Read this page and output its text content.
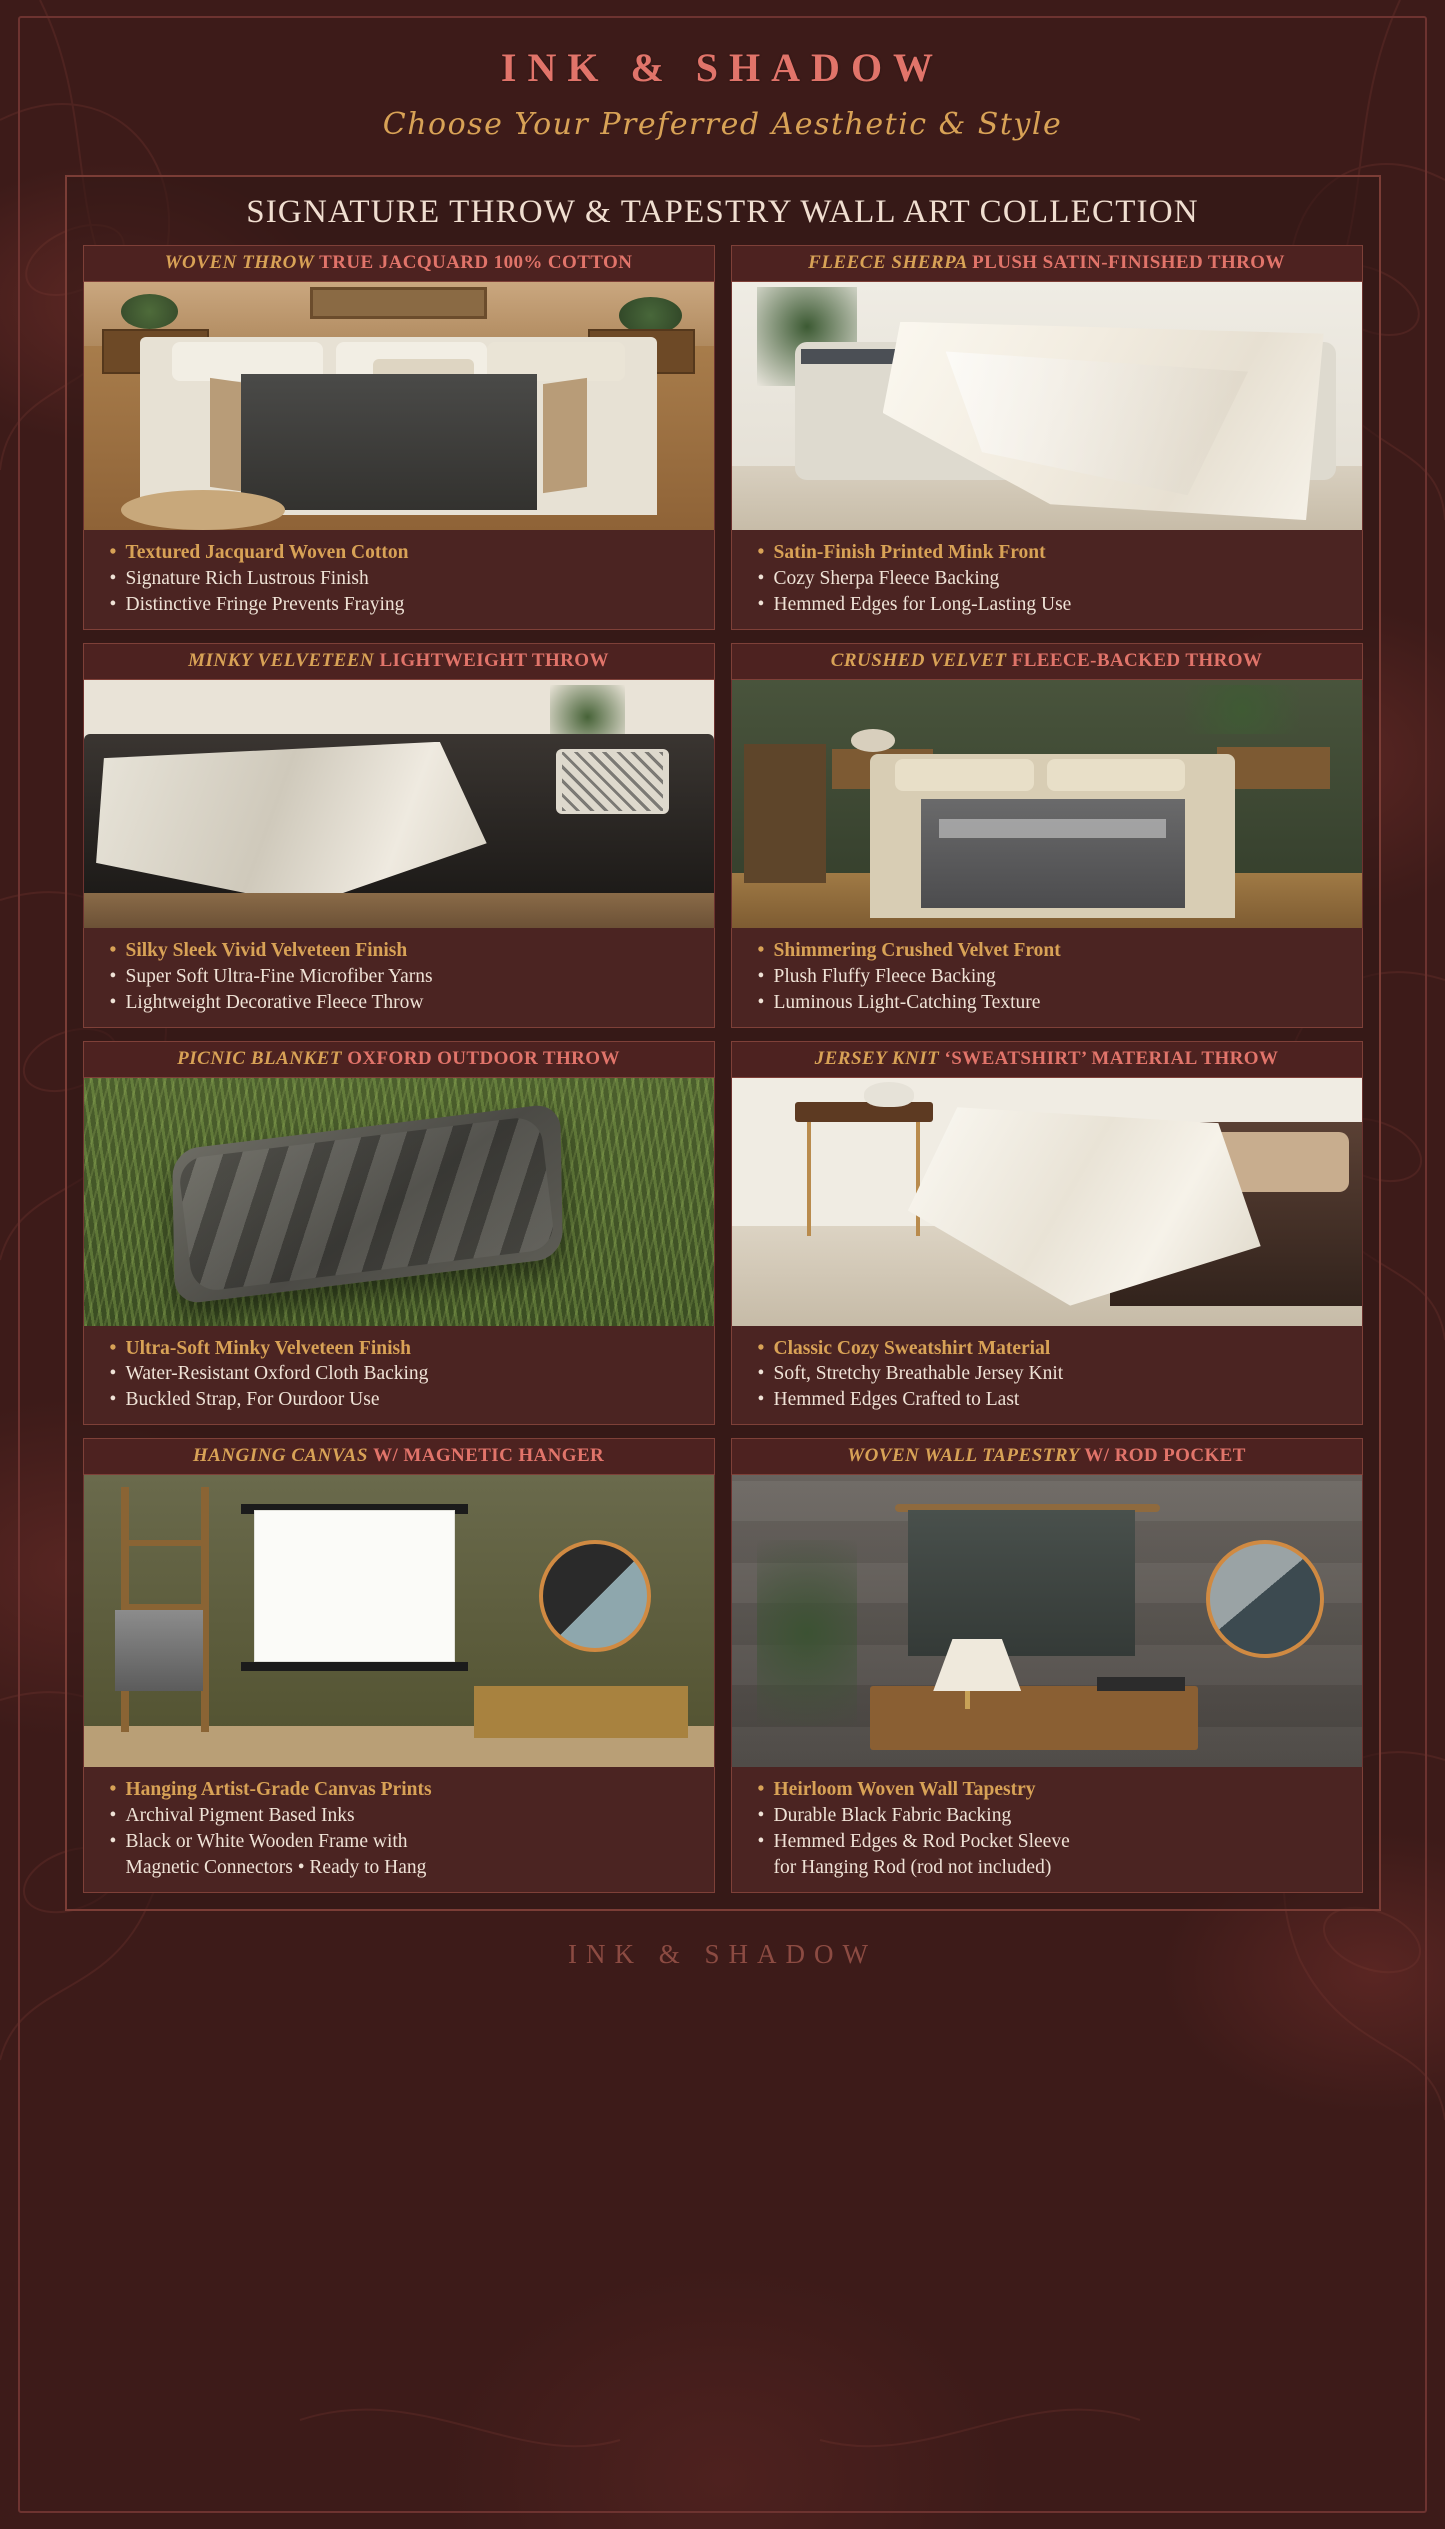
INK & SHADOW
Choose Your Preferred Aesthetic & Style
SIGNATURE THROW & TAPESTRY WALL ART COLLECTION
WOVEN THROW TRUE JACQUARD 100% COTTON
• Textured Jacquard Woven Cotton
• Signature Rich Lustrous Finish
• Distinctive Fringe Prevents Fraying
FLEECE SHERPA PLUSH SATIN-FINISHED THROW
• Satin-Finish Printed Mink Front
• Cozy Sherpa Fleece Backing
• Hemmed Edges for Long-Lasting Use
MINKY VELVETEEN LIGHTWEIGHT THROW
• Silky Sleek Vivid Velveteen Finish
• Super Soft Ultra-Fine Microfiber Yarns
• Lightweight Decorative Fleece Throw
CRUSHED VELVET FLEECE-BACKED THROW
• Shimmering Crushed Velvet Front
• Plush Fluffy Fleece Backing
• Luminous Light-Catching Texture
PICNIC BLANKET OXFORD OUTDOOR THROW
• Ultra-Soft Minky Velveteen Finish
• Water-Resistant Oxford Cloth Backing
• Buckled Strap, For Ourdoor Use
JERSEY KNIT ‘SWEATSHIRT’ MATERIAL THROW
• Classic Cozy Sweatshirt Material
• Soft, Stretchy Breathable Jersey Knit
• Hemmed Edges Crafted to Last
HANGING CANVAS W/ MAGNETIC HANGER
• Hanging Artist-Grade Canvas Prints
• Archival Pigment Based Inks
• Black or White Wooden Frame with
Magnetic Connectors • Ready to Hang
WOVEN WALL TAPESTRY W/ ROD POCKET
• Heirloom Woven Wall Tapestry
• Durable Black Fabric Backing
• Hemmed Edges & Rod Pocket Sleeve
for Hanging Rod (rod not included)
INK & SHADOW
